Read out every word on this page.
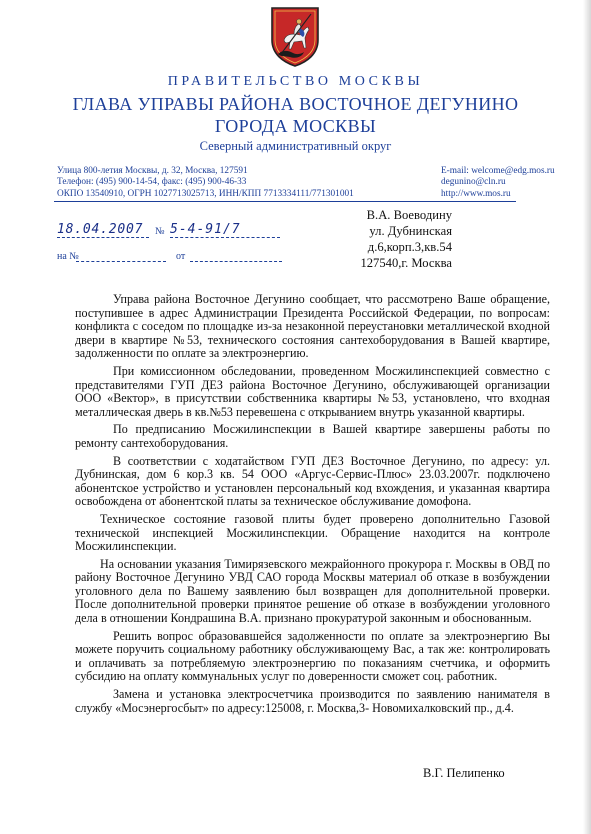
ПРАВИТЕЛЬСТВО МОСКВЫ
ГЛАВА УПРАВЫ РАЙОНА ВОСТОЧНОЕ ДЕГУНИНО
ГОРОДА МОСКВЫ
Северный административный округ
Улица 800-летия Москвы, д. 32, Москва, 127591
Телефон: (495) 900-14-54, факс: (495) 900-46-33
ОКПО 13540910, ОГРН 1027713025713, ИНН/КПП 7713334111/771301001
E-mail: welcome@edg.mos.ru
degunino@cln.ru
http://www.mos.ru
18.04.2007	№ 5-4-91/7
на №	от
В.А. Воеводину
ул. Дубнинская
д.6,корп.3,кв.54
127540,г. Москва

Управа района Восточное Дегунино сообщает, что рассмотрено Ваше обращение, поступившее в адрес Администрации Президента Российской Федерации, по вопросам: конфликта с соседом по площадке из-за незаконной переустановки металлической входной двери в квартире №53, технического состояния сантехоборудования в Вашей квартире, задолженности по оплате за электроэнергию.

При комиссионном обследовании, проведенном Мосжилинспекцией совместно с представителями ГУП ДЕЗ района Восточное Дегунино, обслуживающей организации ООО «Вектор», в присутствии собственника квартиры №53, установлено, что входная металлическая дверь в кв.№53 перевешена с открыванием внутрь указанной квартиры.

По предписанию Мосжилинспекции в Вашей квартире завершены работы по ремонту сантехоборудования.

В соответствии с ходатайством ГУП ДЕЗ Восточное Дегунино, по адресу: ул. Дубнинская, дом 6 кор.3 кв. 54 ООО «Аргус-Сервис-Плюс» 23.03.2007г. подключено абонентское устройство и установлен персональный код вхождения, и указанная квартира освобождена от абонентской платы за техническое обслуживание домофона.

Техническое состояние газовой плиты будет проверено дополнительно Газовой технической инспекцией Мосжилинспекции. Обращение находится на контроле Мосжилинспекции.

На основании указания Тимирязевского межрайонного прокурора г. Москвы в ОВД по району Восточное Дегунино УВД САО города Москвы материал об отказе в возбуждении уголовного дела по Вашему заявлению был возвращен для дополнительной проверки. После дополнительной проверки принятое решение об отказе в возбуждении уголовного дела в отношении Кондрашина В.А. признано прокуратурой законным и обоснованным.

Решить вопрос образовавшейся задолженности по оплате за электроэнергию Вы можете поручить социальному работнику обслуживающему Вас, а так же: контролировать и оплачивать за потребляемую электроэнергию по показаниям счетчика, и оформить субсидию на оплату коммунальных услуг по доверенности сможет соц. работник.

Замена и установка электросчетчика производится по заявлению нанимателя в службу «Мосэнергосбыт» по адресу:125008, г. Москва,3- Новомихалковский пр., д.4.

В.Г. Пелипенко
